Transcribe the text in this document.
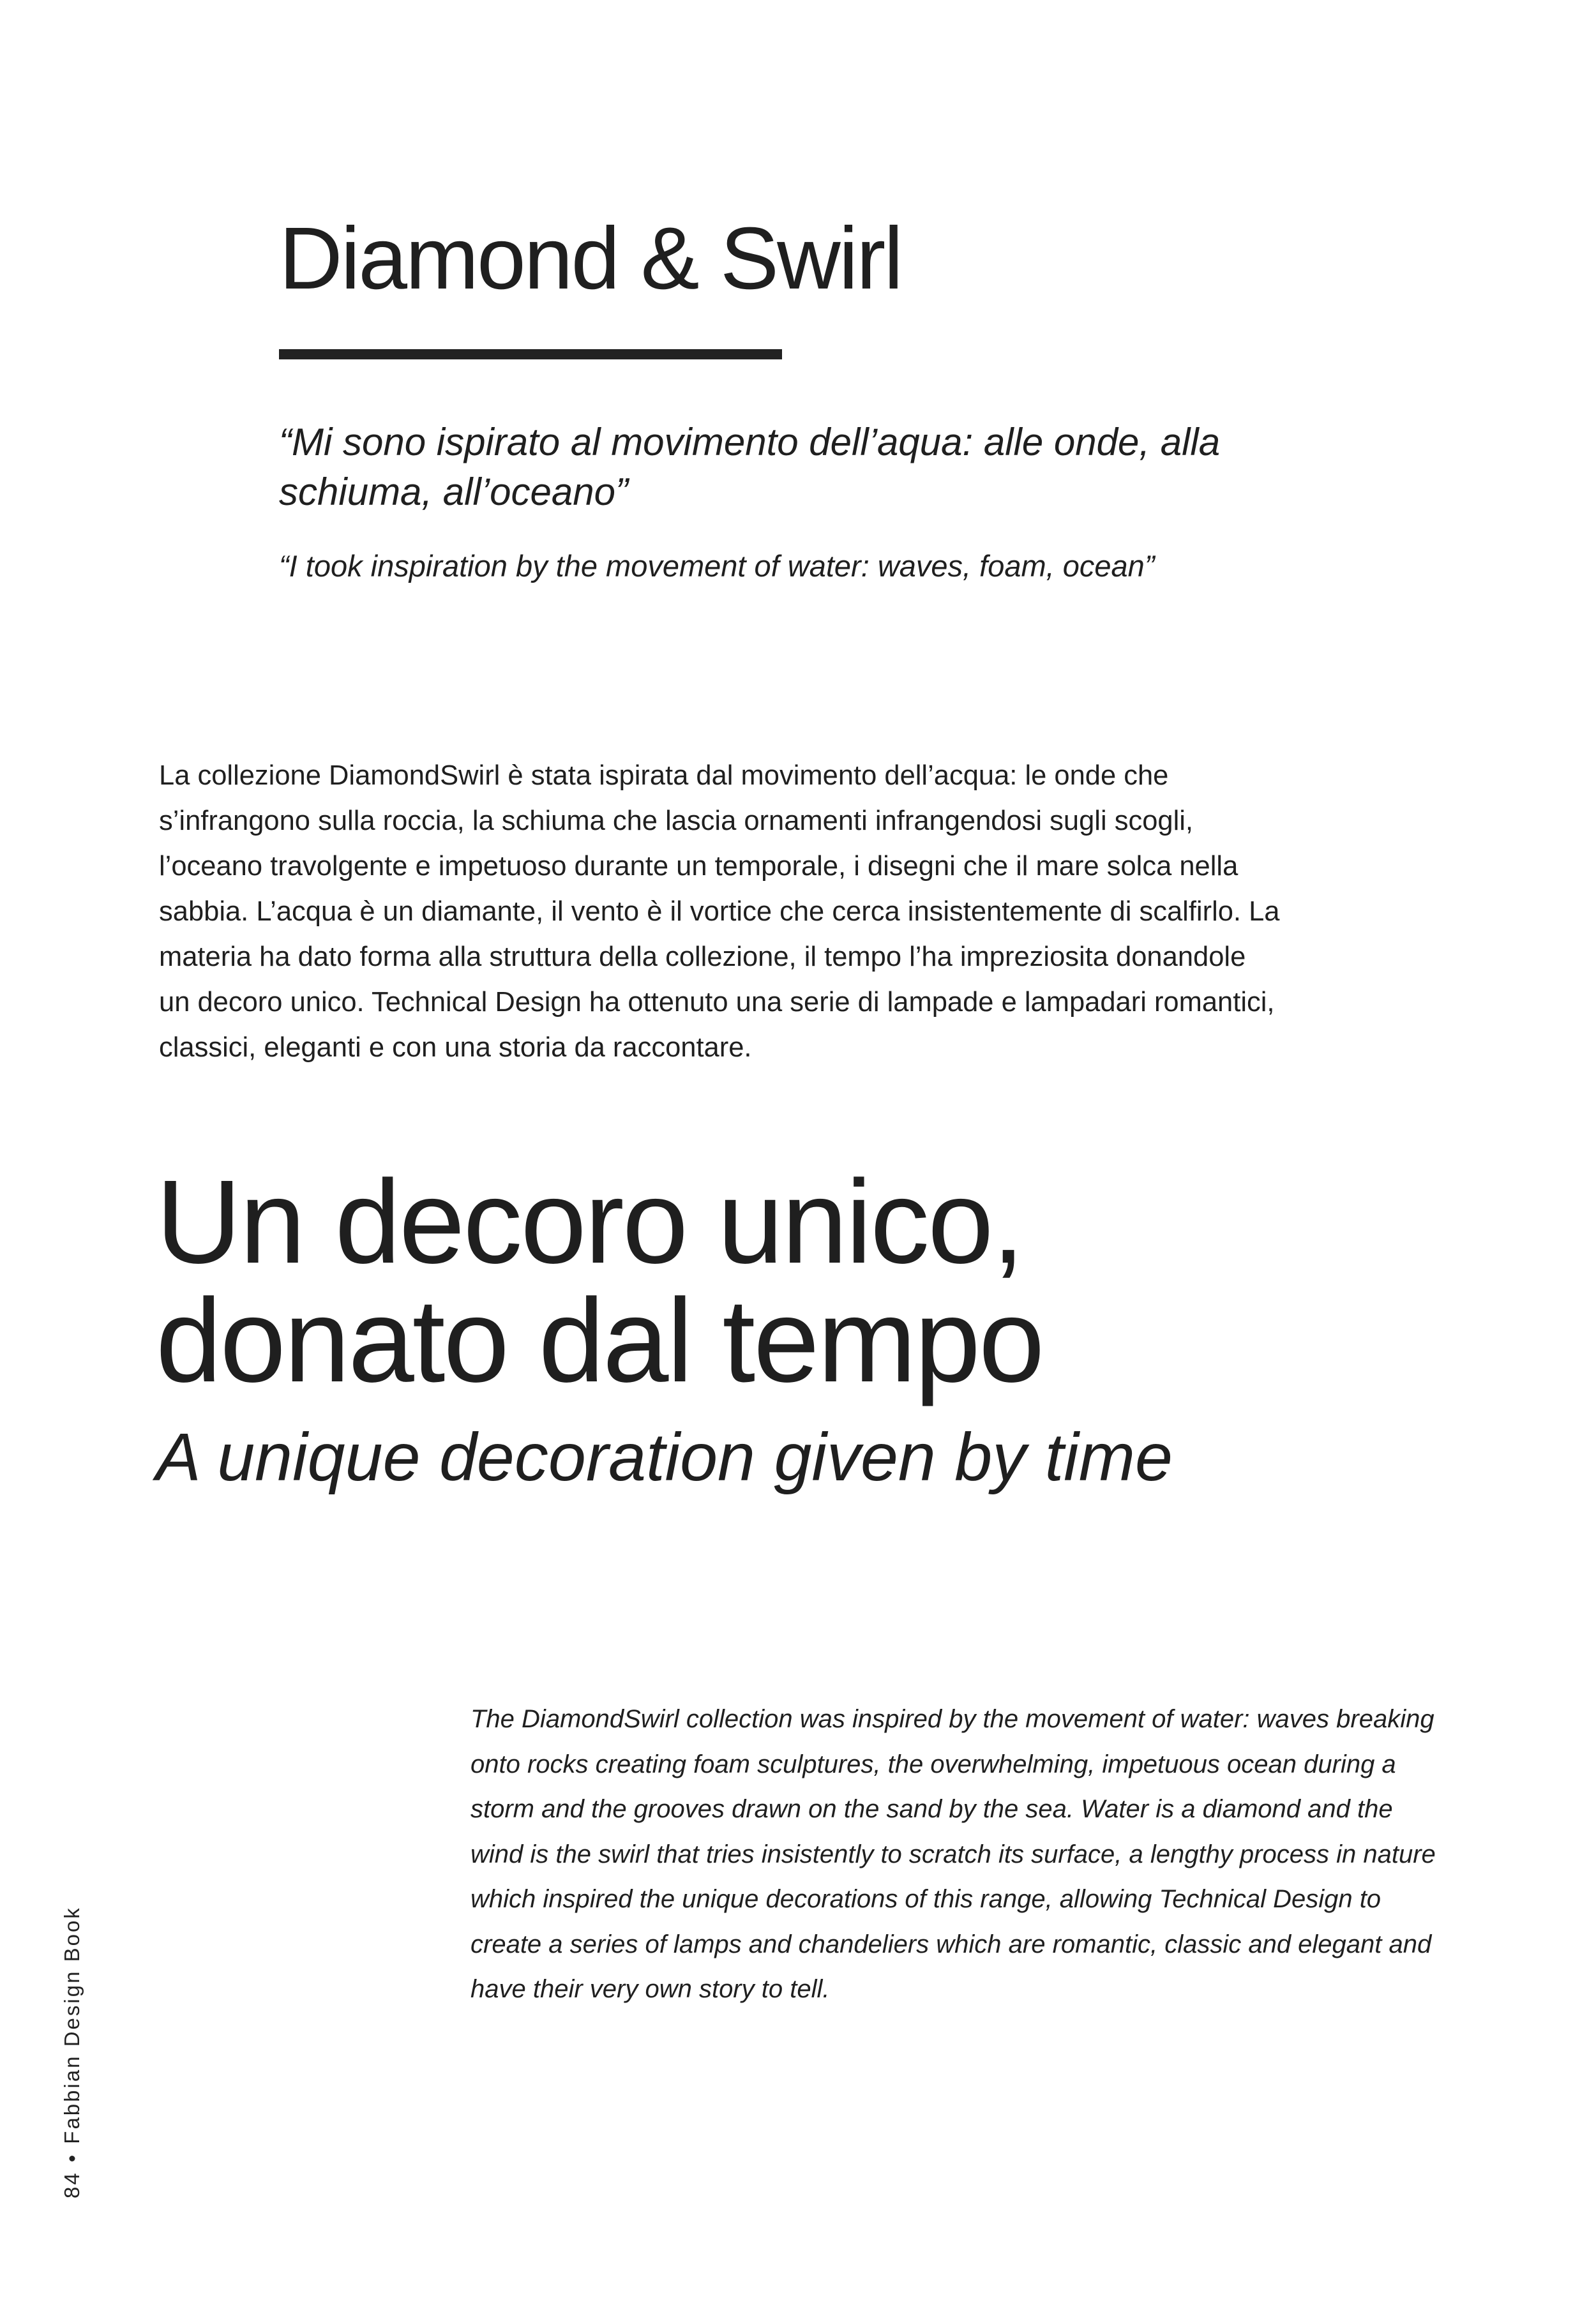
Diamond & Swirl

“Mi sono ispirato al movimento dell’aqua: alle onde, alla schiuma, all’oceano”

“I took inspiration by the movement of water: waves, foam, ocean”

La collezione DiamondSwirl è stata ispirata dal movimento dell’acqua: le onde che
s’infrangono sulla roccia, la schiuma che lascia ornamenti infrangendosi sugli scogli,
l’oceano travolgente e impetuoso durante un temporale, i disegni che il mare solca nella
sabbia. L’acqua è un diamante, il vento è il vortice che cerca insistentemente di scalfirlo. La
materia ha dato forma alla struttura della collezione, il tempo l’ha impreziosita donandole
un decoro unico. Technical Design ha ottenuto una serie di lampade e lampadari romantici,
classici, eleganti e con una storia da raccontare.

Un decoro unico,
donato dal tempo
A unique decoration given by time

The DiamondSwirl collection was inspired by the movement of water: waves breaking
onto rocks creating foam sculptures, the overwhelming, impetuous ocean during a
storm and the grooves drawn on the sand by the sea. Water is a diamond and the
wind is the swirl that tries insistently to scratch its surface, a lengthy process in nature
which inspired the unique decorations of this range, allowing Technical Design to
create a series of lamps and chandeliers which are romantic, classic and elegant and
have their very own story to tell.

84•Fabbian Design Book
